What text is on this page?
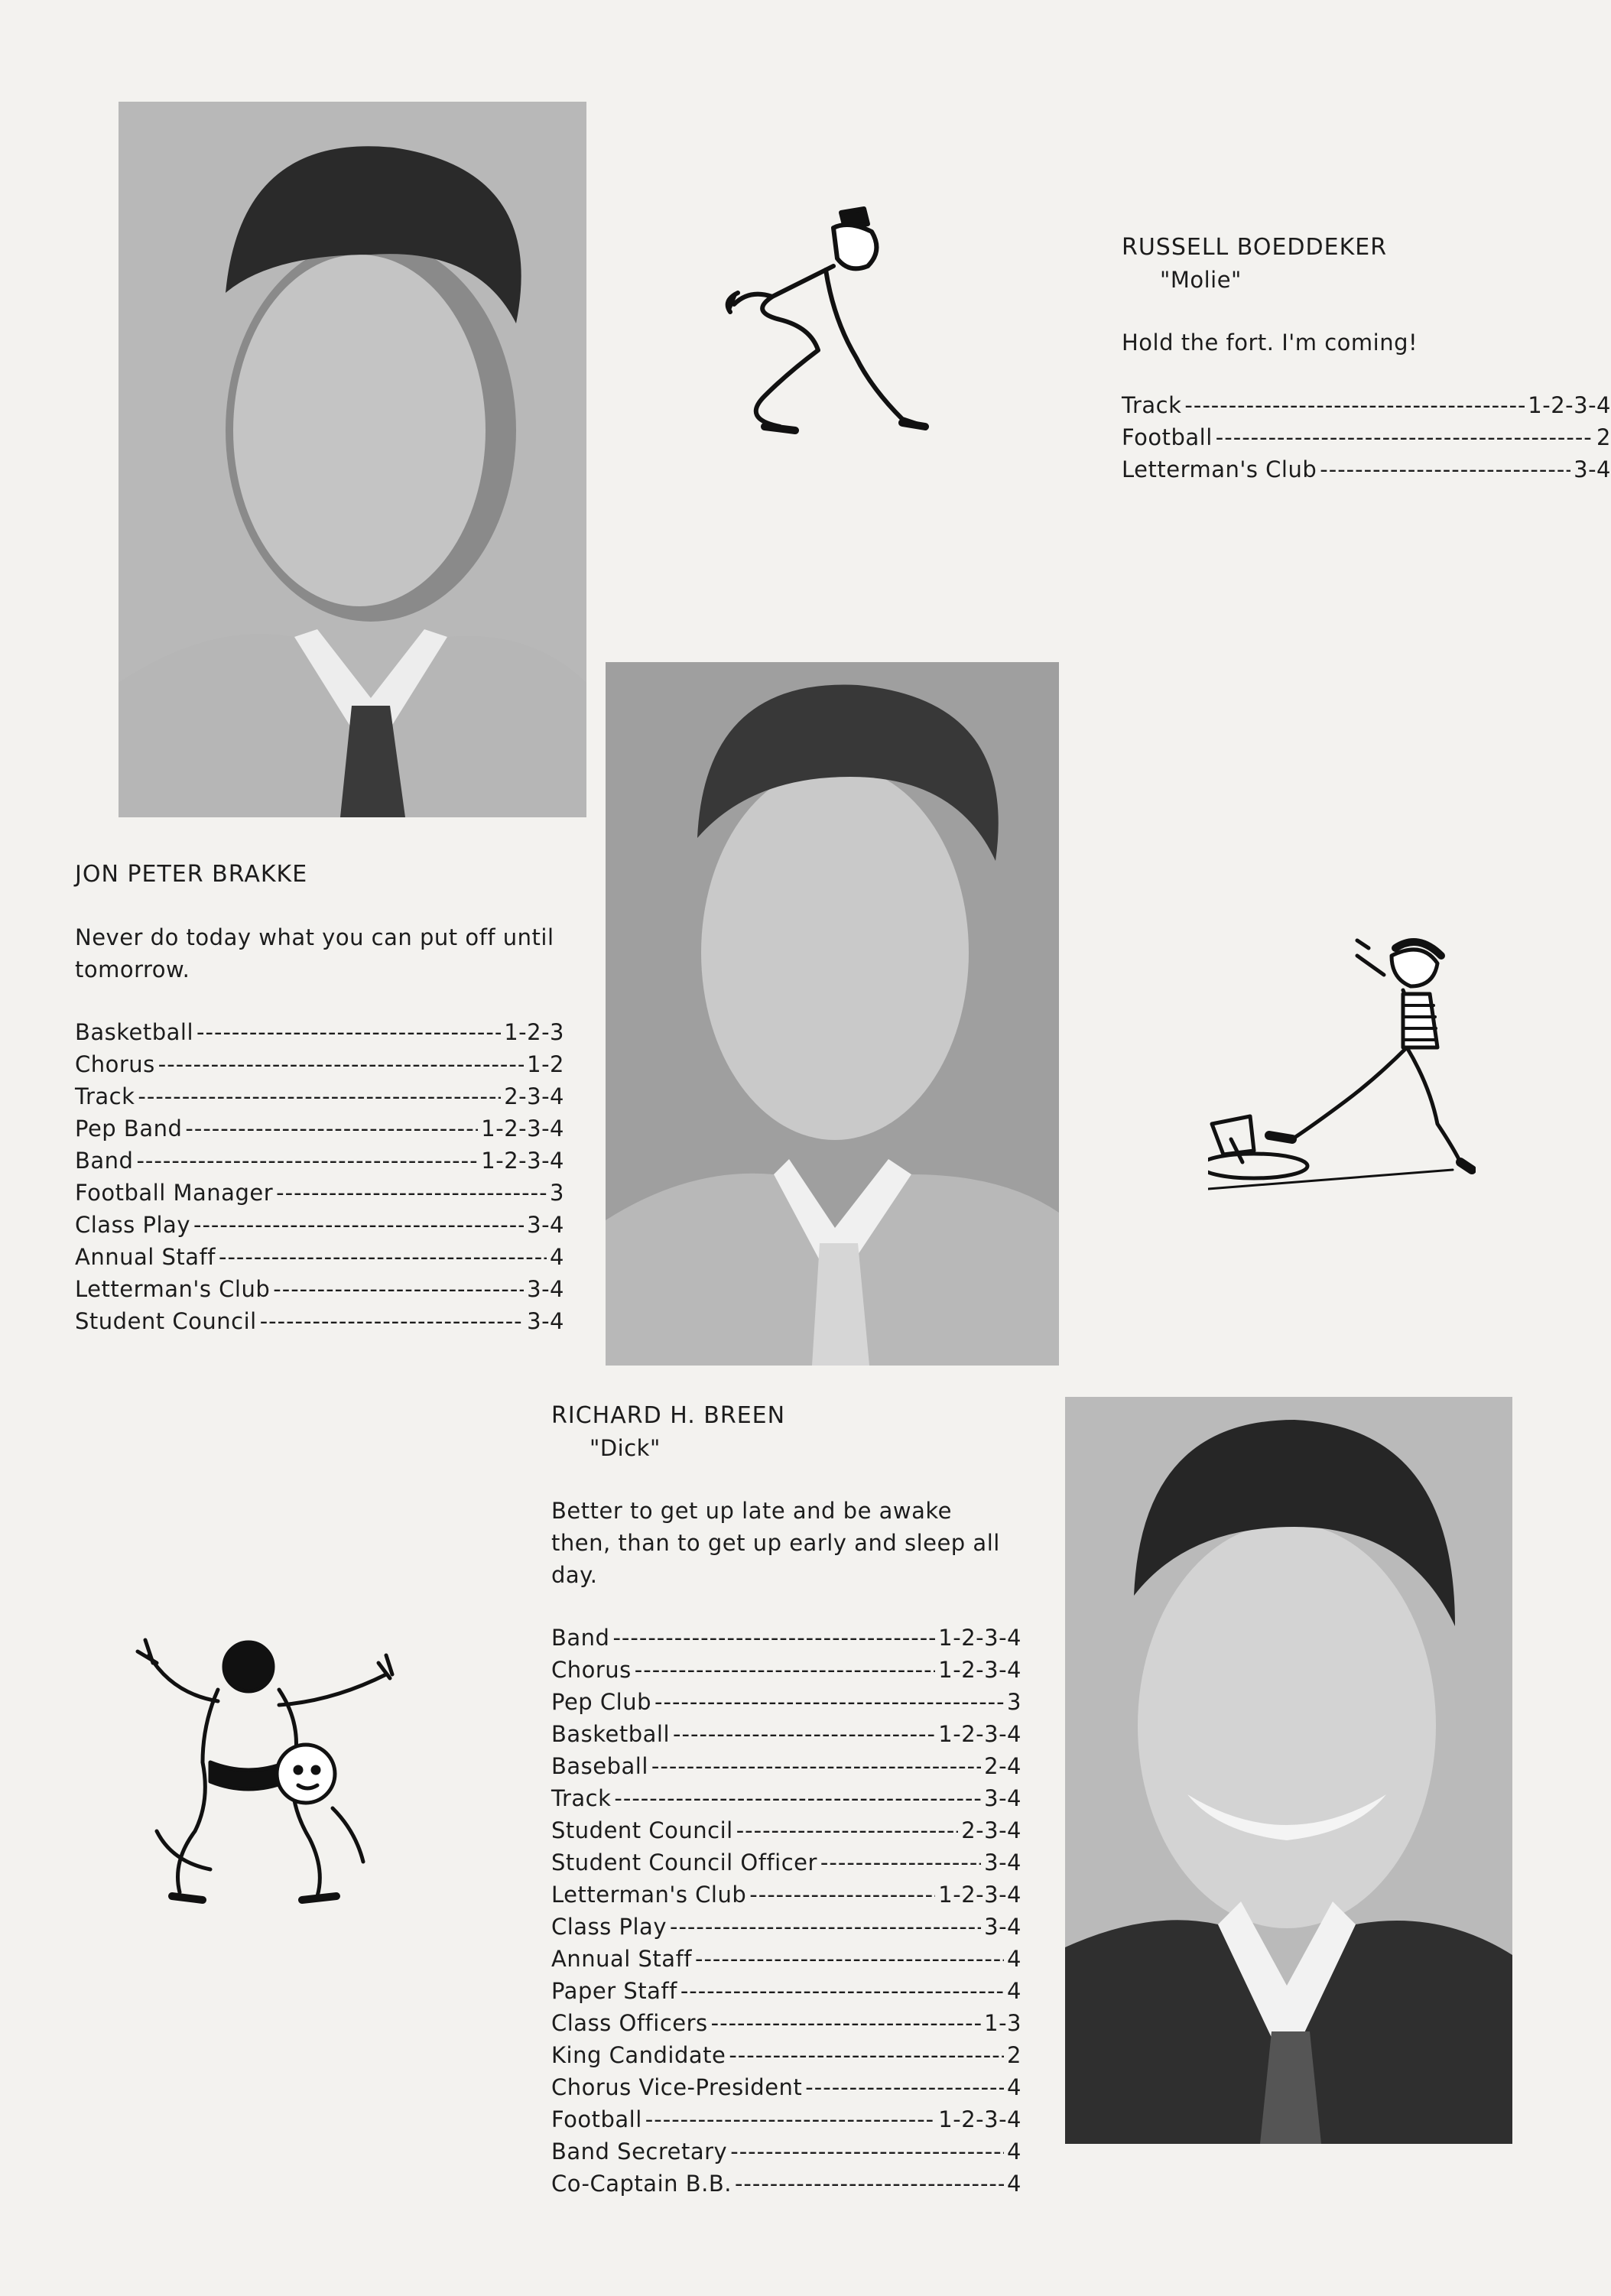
RUSSELL BOEDDEKER

"Molie"

Hold the fort. I'm coming!
Track -----	1-2-3-4
Football -----	2
Letterman's Club -----	3-4

JON PETER BRAKKE

Never do today what you can put off until tomorrow.
Basketball -----	1-2-3
Chorus -----	1-2
Track -----	2-3-4
Pep Band -----	1-2-3-4
Band -----	1-2-3-4
Football Manager -----	3
Class Play -----	3-4
Annual Staff -----	4
Letterman's Club -----	3-4
Student Council -----	3-4

RICHARD H. BREEN

"Dick"

Better to get up late and be awake then, than to get up early and sleep all day.
Band -----	1-2-3-4
Chorus -----	1-2-3-4
Pep Club -----	3
Basketball -----	1-2-3-4
Baseball -----	2-4
Track -----	3-4
Student Council -----	2-3-4
Student Council Officer -----	3-4
Letterman's Club -----	1-2-3-4
Class Play -----	3-4
Annual Staff -----	4
Paper Staff -----	4
Class Officers -----	1-3
King Candidate -----	2
Chorus Vice-President -----	4
Football -----	1-2-3-4
Band Secretary -----	4
Co-Captain B.B. -----	4
